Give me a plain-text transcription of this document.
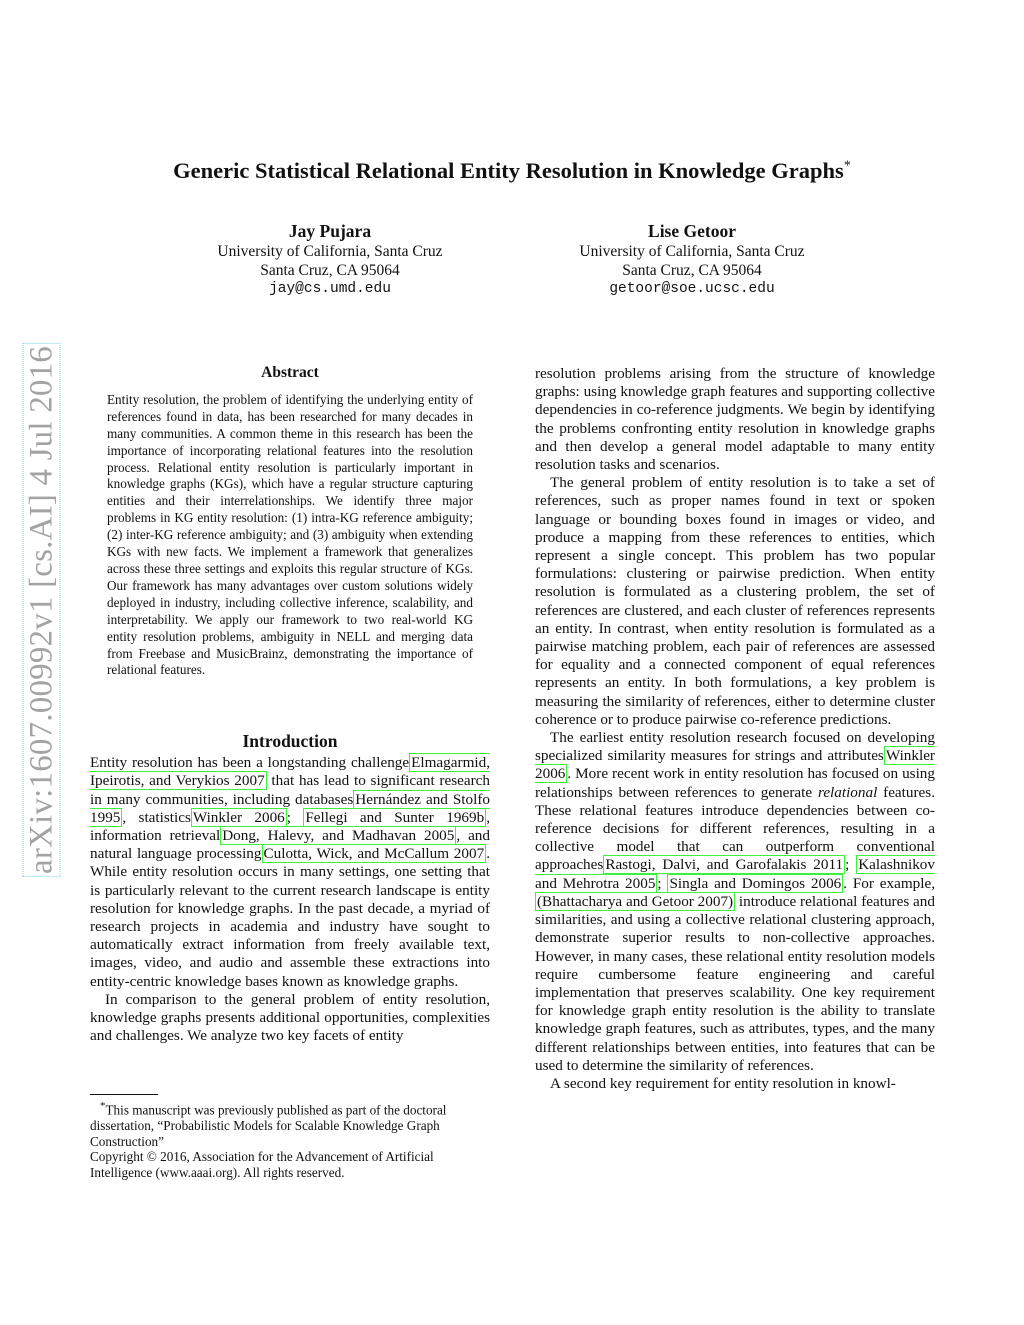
arXiv:1607.00992v1 [cs.AI] 4 Jul 2016
Generic Statistical Relational Entity Resolution in Knowledge Graphs*
Jay Pujara
University of California, Santa Cruz
Santa Cruz, CA 95064
jay@cs.umd.edu
Lise Getoor
University of California, Santa Cruz
Santa Cruz, CA 95064
getoor@soe.ucsc.edu
Abstract

Entity resolution, the problem of identifying the underlying entity of references found in data, has been researched for many decades in many communities. A common theme in this research has been the importance of incorporating relational features into the resolution process. Relational entity resolution is particularly important in knowledge graphs (KGs), which have a regular structure capturing entities and their interrelationships. We identify three major problems in KG entity resolution: (1) intra-KG reference ambiguity; (2) inter-KG reference ambiguity; and (3) ambiguity when extending KGs with new facts. We implement a framework that generalizes across these three settings and exploits this regular structure of KGs. Our framework has many advantages over custom solutions widely deployed in industry, including collective inference, scalability, and interpretability. We apply our framework to two real-world KG entity resolution problems, ambiguity in NELL and merging data from Freebase and MusicBrainz, demonstrating the importance of relational features.

Introduction

Entity resolution has been a longstanding challenge Elmagarmid, Ipeirotis, and Verykios 2007 that has lead to significant research in many communities, including databases Hernández and Stolfo 1995 , statistics Winkler 2006 ; Fellegi and Sunter 1969b , information retrieval Dong, Halevy, and Madhavan 2005 , and natural language processing Culotta, Wick, and McCallum 2007 . While entity resolution occurs in many settings, one setting that is particularly relevant to the current research landscape is entity resolution for knowledge graphs. In the past decade, a myriad of research projects in academia and industry have sought to automatically extract information from freely available text, images, video, and audio and assemble these extractions into entity-centric knowledge bases known as knowledge graphs.

In comparison to the general problem of entity resolution, knowledge graphs presents additional opportunities, complexities and challenges. We analyze two key facets of entity

*This manuscript was previously published as part of the doctoral dissertation, “Probabilistic Models for Scalable Knowledge Graph Construction”

Copyright © 2016, Association for the Advancement of Artificial Intelligence (www.aaai.org). All rights reserved.

resolution problems arising from the structure of knowledge graphs: using knowledge graph features and supporting collective dependencies in co-reference judgments. We begin by identifying the problems confronting entity resolution in knowledge graphs and then develop a general model adaptable to many entity resolution tasks and scenarios.

The general problem of entity resolution is to take a set of references, such as proper names found in text or spoken language or bounding boxes found in images or video, and produce a mapping from these references to entities, which represent a single concept. This problem has two popular formulations: clustering or pairwise prediction. When entity resolution is formulated as a clustering problem, the set of references are clustered, and each cluster of references represents an entity. In contrast, when entity resolution is formulated as a pairwise matching problem, each pair of references are assessed for equality and a connected component of equal references represents an entity. In both formulations, a key problem is measuring the similarity of references, either to determine cluster coherence or to produce pairwise co-reference predictions.

The earliest entity resolution research focused on developing specialized similarity measures for strings and attributes Winkler 2006 . More recent work in entity resolution has focused on using relationships between references to generate relational features. These relational features introduce dependencies between co-reference decisions for different references, resulting in a collective model that can outperform conventional approaches Rastogi, Dalvi, and Garofalakis 2011 ; Kalashnikov and Mehrotra 2005 ; Singla and Domingos 2006 . For example, (Bhattacharya and Getoor 2007) introduce relational features and similarities, and using a collective relational clustering approach, demonstrate superior results to non-collective approaches. However, in many cases, these relational entity resolution models require cumbersome feature engineering and careful implementation that preserves scalability. One key requirement for knowledge graph entity resolution is the ability to translate knowledge graph features, such as attributes, types, and the many different relationships between entities, into features that can be used to determine the similarity of references.

A second key requirement for entity resolution in knowl-
